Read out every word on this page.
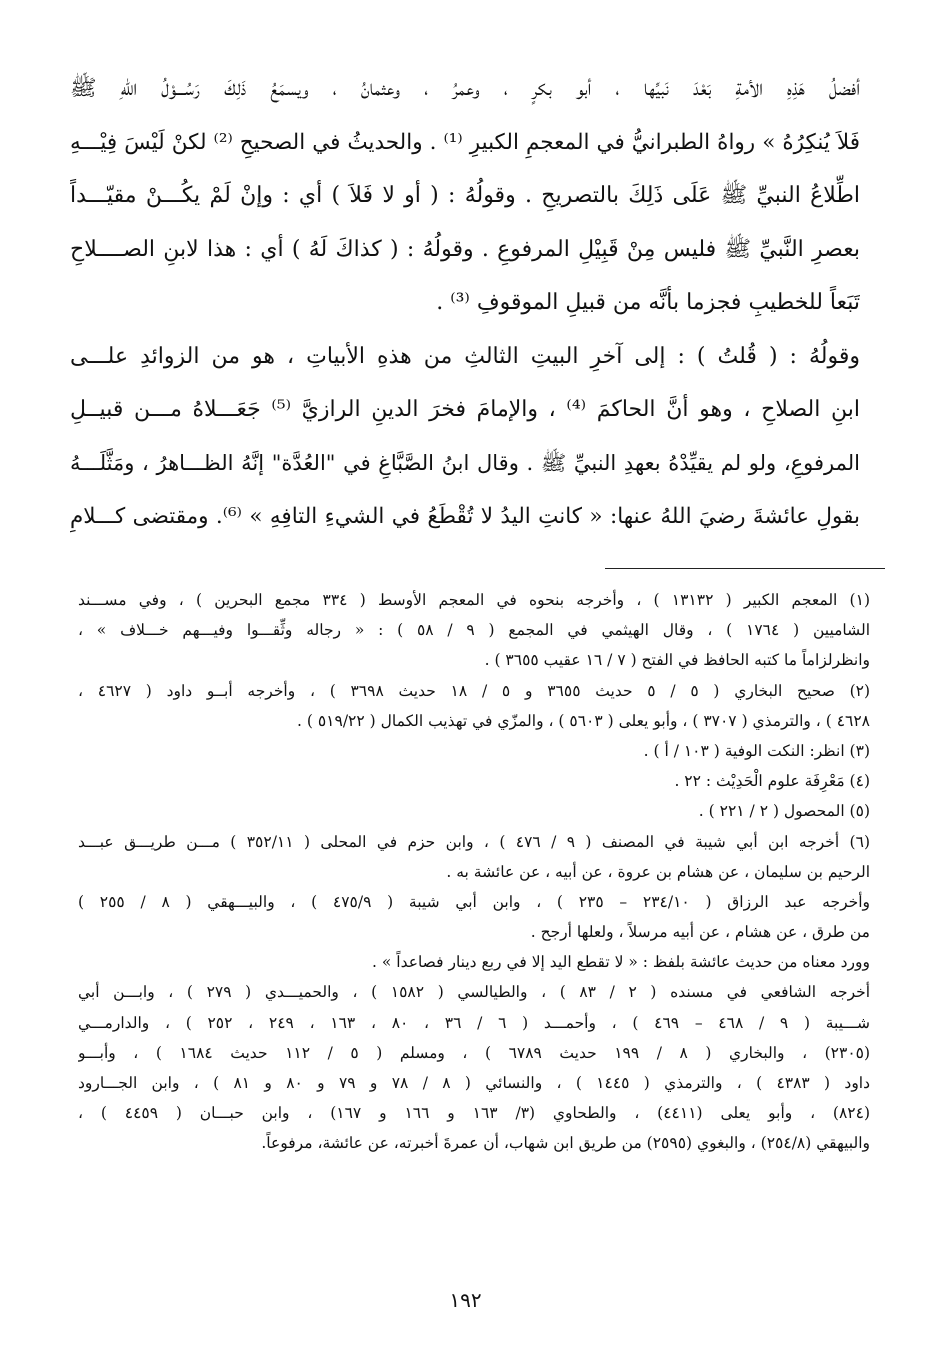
أفضلُ هَذِهِ الأمةِ بَعْدَ نَبيِّها ، أبو بكرٍ ، وعمرُ ، وعثمانُ ، ويسمَعُ ذَلِكَ رَسُـــوْلُ اللهِ ﷺ
فَلاَ يُنكِرُهُ » رواهُ الطبرانيُّ في المعجمِ الكبيرِ ⁽¹⁾ . والحديثُ في الصحيحِ ⁽²⁾ لكنْ لَيْسَ فِيْـــهِ
اطِّلاعُ النبيِّ ﷺ عَلَى ذَلِكَ بالتصريحِ . وقولُهُ : ( أو لا فَلاَ ) أي : وإنْ لَمْ يكُـــنْ مقيّـــداً
بعصرِ النَّبيِّ ﷺ فليس مِنْ قَبِيْلِ المرفوعِ . وقولُهُ : ( كذاكَ لَهُ ) أي : هذا لابنِ الصــــلاحِ
تَبَعاً للخطيبِ فجزما بأنَّه من قبيلِ الموقوفِ ⁽³⁾ .
وقولُهُ : ( قُلتُ ) : إلى آخرِ البيتِ الثالثِ من هذهِ الأبياتِ ، هو من الزوائدِ علـــى
ابنِ الصلاحِ ، وهو أنَّ الحاكمَ ⁽⁴⁾ ، والإمامَ فخرَ الدينِ الرازيَّ ⁽⁵⁾ جَعَـــلاهُ مـــن قبيــلِ
المرفوعِ، ولو لم يقيِّدْهُ بعهدِ النبيِّ ﷺ . وقال ابنُ الصَّبَّاغِ في "العُدَّة" إنَّهُ الظـــاهرُ ، ومَثَّلَـــهُ
بقولِ عائشةَ رضيَ اللهُ عنها: « كانتِ اليدُ لا تُقْطَعُ في الشيءِ التافِهِ » ⁽⁶⁾. ومقتضى كـــلامِ
(١) المعجم الكبير ( ١٣١٣٢ ) ، وأخرجه بنحوه في المعجم الأوسط ( ٣٣٤ مجمع البحرين ) ، وفي مســـند
الشاميين ( ١٧٦٤ ) ، وقال الهيثمي في المجمع ( ٩ / ٥٨ ) : « رجاله وثِّقـــوا وفيـــهم خـــلاف » ،
وانظرلزاماً ما كتبه الحافظ في الفتح ( ٧ / ١٦ عقيب ٣٦٥٥ ) .
(٢) صحيح البخاري ( ٥ / ٥ حديث ٣٦٥٥ و ٥ / ١٨ حديث ٣٦٩٨ ) ، وأخرجه أبــو داود ( ٤٦٢٧ ،
٤٦٢٨ ) ، والترمذي ( ٣٧٠٧ ) ، وأبو يعلى ( ٥٦٠٣ ) ، والمزّي في تهذيب الكمال ( ٥١٩/٢٢ ) .
(٣) انظر: النكت الوفية ( ١٠٣ / أ ) .
(٤) مَعْرِفَة علوم الْحَدِيْث : ٢٢ .
(٥) المحصول ( ٢ / ٢٢١ ) .
(٦) أخرجه ابن أبي شيبة في المصنف ( ٩ / ٤٧٦ ) ، وابن حزم في المحلى ( ٣٥٢/١١ ) مـــن طريـــق عبـــد
الرحيم بن سليمان ، عن هشام بن عروة ، عن أبيه ، عن عائشة به .
وأخرجه عبد الرزاق ( ٢٣٤/١٠ – ٢٣٥ ) ، وابن أبي شيبة ( ٤٧٥/٩ ) ، والبيـــهقي ( ٨ / ٢٥٥ )
من طرق ، عن هشام ، عن أبيه مرسلاً ، ولعلها أرجح .
وورد معناه من حديث عائشة بلفظ : « لا تقطع اليد إلا في ربع دينار فصاعداً » .
أخرجه الشافعي في مسنده ( ٢ / ٨٣ ) ، والطيالسي ( ١٥٨٢ ) ، والحميـــدي ( ٢٧٩ ) ، وابـــن أبي
شـــيبة ( ٩ / ٤٦٨ – ٤٦٩ ) ، وأحمـــد ( ٦ / ٣٦ ، ٨٠ ، ١٦٣ ، ٢٤٩ ، ٢٥٢ ) ، والدارمـــي
(٢٣٠٥) ، والبخاري ( ٨ / ١٩٩ حديث ٦٧٨٩ ) ، ومسلم ( ٥ / ١١٢ حديث ١٦٨٤ ) ، وأبـــو
داود ( ٤٣٨٣ ) ، والترمذي ( ١٤٤٥ ) ، والنسائي ( ٨ / ٧٨ و ٧٩ و ٨٠ و ٨١ ) ، وابن الجـــارود
(٨٢٤) ، وأبو يعلى (٤٤١١) ، والطحاوي (٣/ ١٦٣ و ١٦٦ و ١٦٧) ، وابن حبـــان ( ٤٤٥٩ ) ،
والبيهقي (٢٥٤/٨) ، والبغوي (٢٥٩٥) من طريق ابن شهاب، أن عمرةَ أخبرته، عن عائشة، مرفوعاً.
١٩٢
